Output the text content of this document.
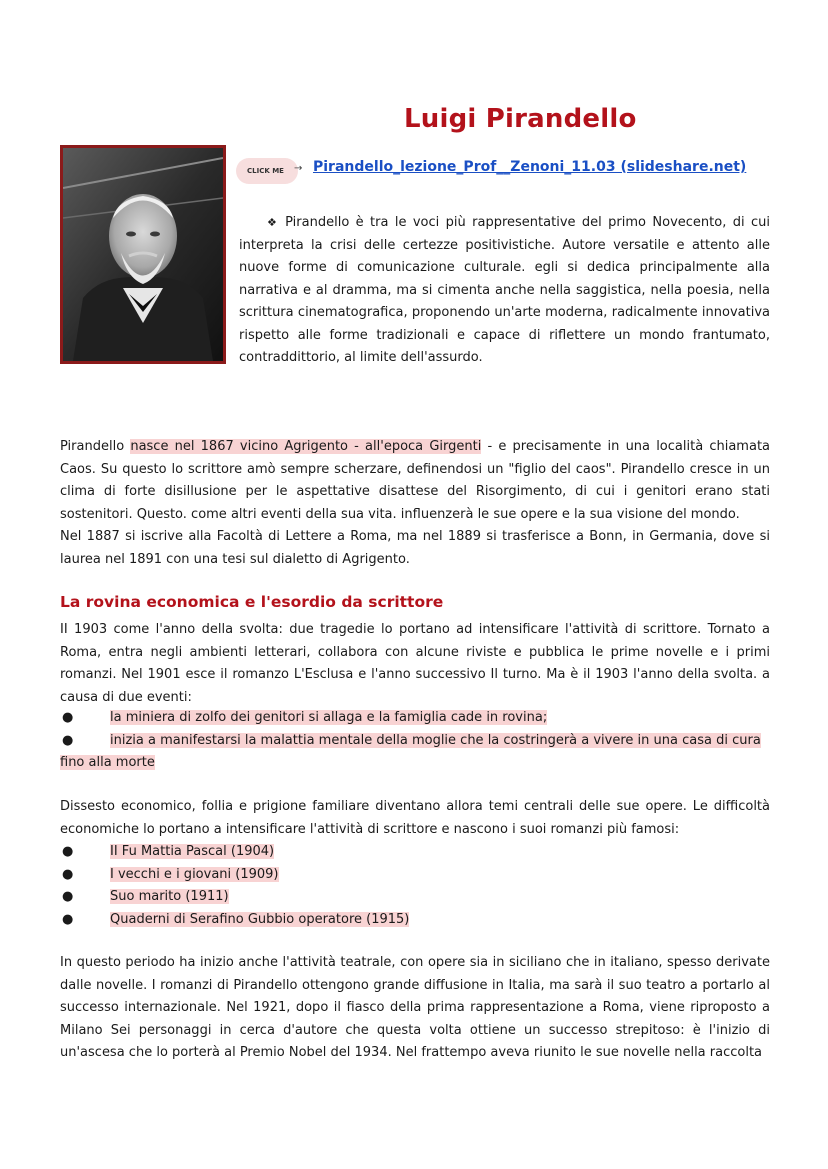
Luigi Pirandello
CLICK ME	→ Pirandello_lezione_Prof__Zenoni_11.03 (slideshare.net)

❖ Pirandello è tra le voci più rappresentative del primo Novecento, di cui interpreta la crisi delle certezze positivistiche. Autore versatile e attento alle nuove forme di comunicazione culturale. egli si dedica principalmente alla narrativa e al dramma, ma si cimenta anche nella saggistica, nella poesia, nella scrittura cinematografica, proponendo un'arte moderna, radicalmente innovativa rispetto alle forme tradizionali e capace di riflettere un mondo frantumato, contraddittorio, al limite dell'assurdo.

Pirandello nasce nel 1867 vicino Agrigento - all'epoca Girgenti - e precisamente in una località chiamata Caos. Su questo lo scrittore amò sempre scherzare, definendosi un "figlio del caos". Pirandello cresce in un clima di forte disillusione per le aspettative disattese del Risorgimento, di cui i genitori erano stati sostenitori. Questo. come altri eventi della sua vita. influenzerà le sue opere e la sua visione del mondo.
Nel 1887 si iscrive alla Facoltà di Lettere a Roma, ma nel 1889 si trasferisce a Bonn, in Germania, dove si laurea nel 1891 con una tesi sul dialetto di Agrigento.

La rovina economica e l'esordio da scrittore

II 1903 come l'anno della svolta: due tragedie lo portano ad intensificare l'attività di scrittore. Tornato a Roma, entra negli ambienti letterari, collabora con alcune riviste e pubblica le prime novelle e i primi romanzi. Nel 1901 esce il romanzo L'Esclusa e l'anno successivo Il turno. Ma è il 1903 l'anno della svolta. a causa di due eventi:

●	la miniera di zolfo dei genitori si allaga e la famiglia cade in rovina;
●	inizia a manifestarsi la malattia mentale della moglie che la costringerà a vivere in una casa di cura
fino alla morte

Dissesto economico, follia e prigione familiare diventano allora temi centrali delle sue opere. Le difficoltà economiche lo portano a intensificare l'attività di scrittore e nascono i suoi romanzi più famosi:

●	II Fu Mattia Pascal (1904)
●	I vecchi e i giovani (1909)
●	Suo marito (1911)
●	Quaderni di Serafino Gubbio operatore (1915)

In questo periodo ha inizio anche l'attività teatrale, con opere sia in siciliano che in italiano, spesso derivate dalle novelle. I romanzi di Pirandello ottengono grande diffusione in Italia, ma sarà il suo teatro a portarlo al successo internazionale. Nel 1921, dopo il fiasco della prima rappresentazione a Roma, viene riproposto a Milano Sei personaggi in cerca d'autore che questa volta ottiene un successo strepitoso: è l'inizio di un'ascesa che lo porterà al Premio Nobel del 1934. Nel frattempo aveva riunito le sue novelle nella raccolta
